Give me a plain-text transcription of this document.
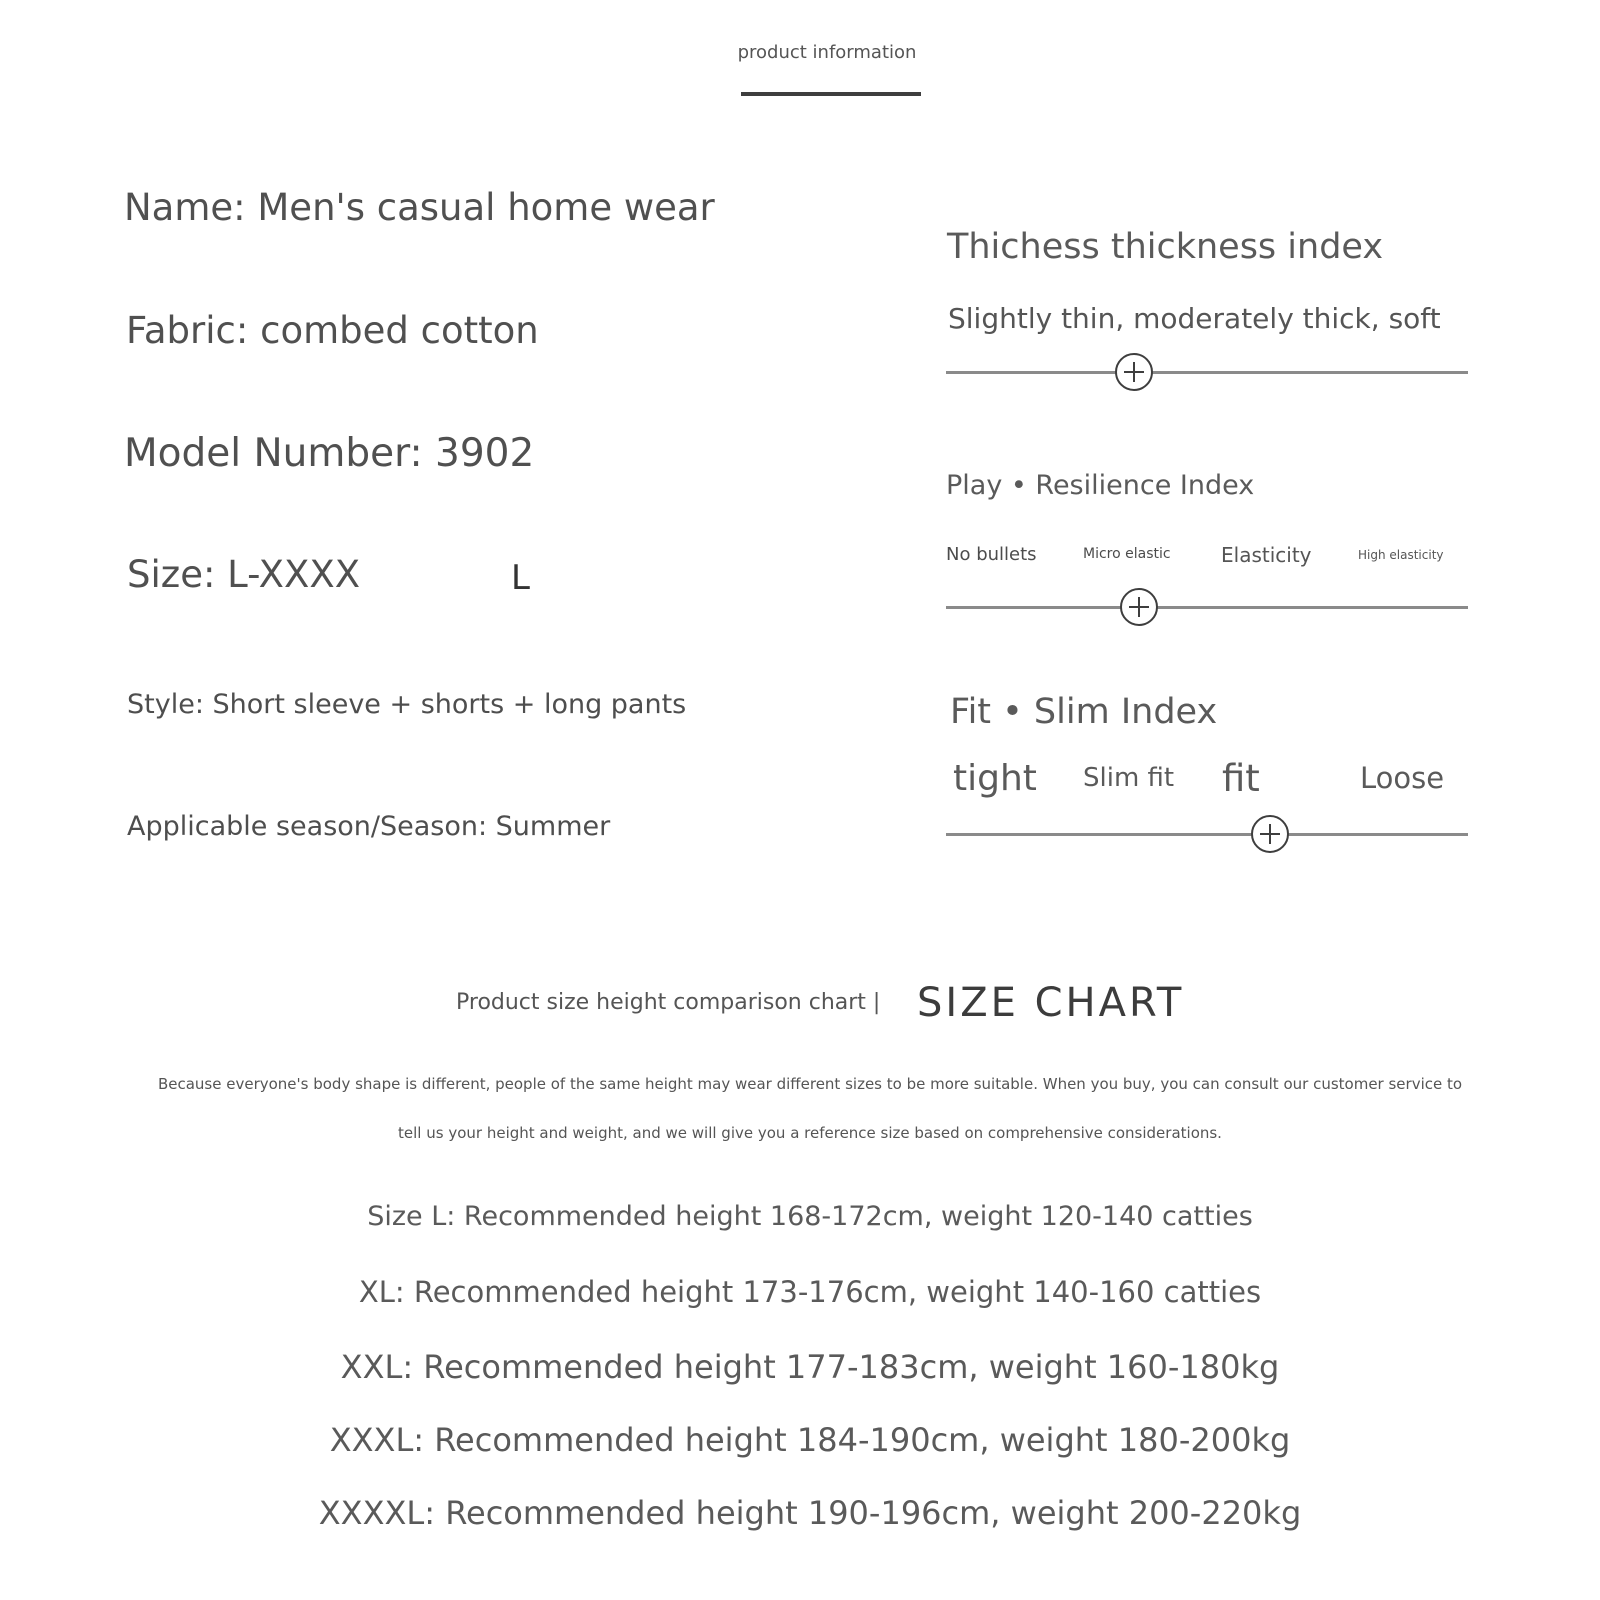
product information
Name: Men's casual home wear
Fabric: combed cotton
Model Number: 3902
Size: L-XXXX	L
Style: Short sleeve + shorts + long pants
Applicable season/Season: Summer
Thichess thickness index
Slightly thin, moderately thick, soft
Play • Resilience Index
No bullets	Micro elastic	Elasticity	High elasticity
Fit • Slim Index
tight Slim fit fit	Loose
Product size height comparison chart | SIZE CHART
Because everyone's body shape is different, people of the same height may wear different sizes to be more suitable. When you buy, you can consult our customer service to
tell us your height and weight, and we will give you a reference size based on comprehensive considerations.
Size L: Recommended height 168-172cm, weight 120-140 catties
XL: Recommended height 173-176cm, weight 140-160 catties
XXL: Recommended height 177-183cm, weight 160-180kg
XXXL: Recommended height 184-190cm, weight 180-200kg
XXXXL: Recommended height 190-196cm, weight 200-220kg
